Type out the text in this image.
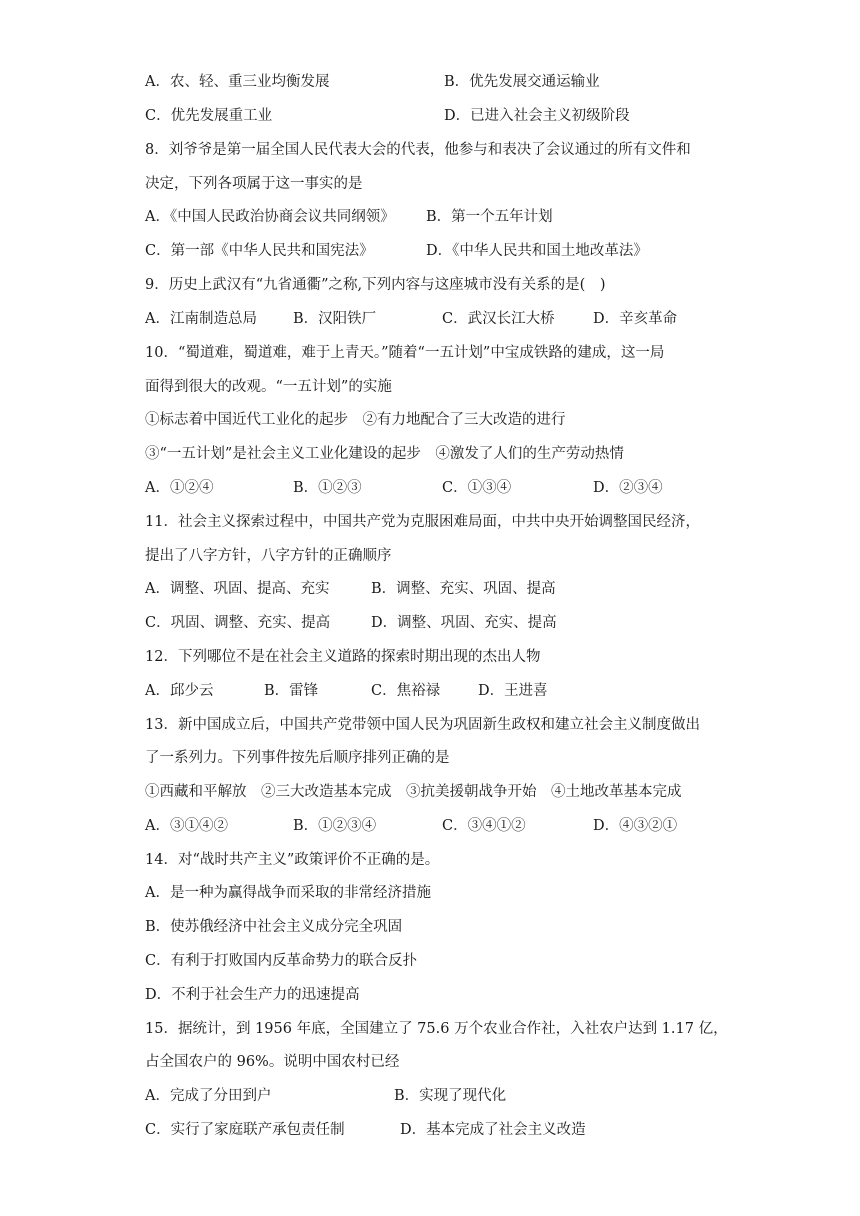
A．农、轻、重三业均衡发展	B．优先发展交通运输业
C．优先发展重工业	D．已进入社会主义初级阶段
8．刘爷爷是第一届全国人民代表大会的代表，他参与和表决了会议通过的所有文件和
决定，下列各项属于这一事实的是
A．《中国人民政治协商会议共同纲领》 B．第一个五年计划
C．第一部《中华人民共和国宪法》	D．《中华人民共和国土地改革法》
9．历史上武汉有“九省通衢”之称,下列内容与这座城市没有关系的是(　)
A．江南制造总局 B．汉阳铁厂	C．武汉长江大桥	D．辛亥革命
10．“蜀道难，蜀道难，难于上青天。”随着“一五计划”中宝成铁路的建成，这一局
面得到很大的改观。“一五计划”的实施
①标志着中国近代工业化的起步　②有力地配合了三大改造的进行
③“一五计划”是社会主义工业化建设的起步　④激发了人们的生产劳动热情
A．①②④	B．①②③	C．①③④	D．②③④
11．社会主义探索过程中，中国共产党为克服困难局面，中共中央开始调整国民经济，
提出了八字方针，八字方针的正确顺序
A．调整、巩固、提高、充实	B．调整、充实、巩固、提高
C．巩固、调整、充实、提高	D．调整、巩固、充实、提高
12．下列哪位不是在社会主义道路的探索时期出现的杰出人物
A．邱少云	B．雷锋	C．焦裕禄	D．王进喜
13．新中国成立后，中国共产党带领中国人民为巩固新生政权和建立社会主义制度做出
了一系列力。下列事件按先后顺序排列正确的是
①西藏和平解放　②三大改造基本完成　③抗美援朝战争开始　④土地改革基本完成
A．③①④②	B．①②③④	C．③④①②	D．④③②①
14．对“战时共产主义”政策评价不正确的是。
A．是一种为赢得战争而采取的非常经济措施
B．使苏俄经济中社会主义成分完全巩固
C．有利于打败国内反革命势力的联合反扑
D．不利于社会生产力的迅速提高
15．据统计，到 1956 年底，全国建立了 75.6 万个农业合作社，入社农户达到 1.17 亿，
占全国农户的 96%。说明中国农村已经
A．完成了分田到户	B．实现了现代化
C．实行了家庭联产承包责任制	D．基本完成了社会主义改造
